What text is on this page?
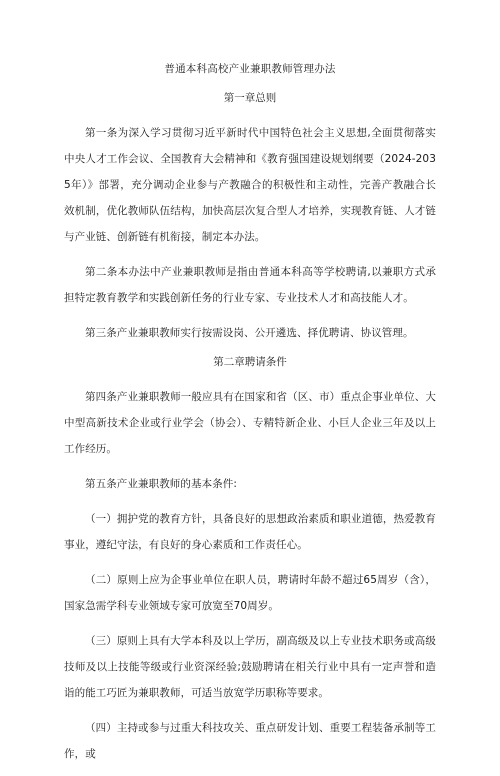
普通本科高校产业兼职教师管理办法
第一章总则

第一条为深入学习贯彻习近平新时代中国特色社会主义思想,全面贯彻落实中央人才工作会议、全国教育大会精神和《教育强国建设规划纲要（2024-2035年）》部署，充分调动企业参与产教融合的积极性和主动性，完善产教融合长效机制，优化教师队伍结构，加快高层次复合型人才培养，实现教育链、人才链与产业链、创新链有机衔接，制定本办法。

第二条本办法中产业兼职教师是指由普通本科高等学校聘请,以兼职方式承担特定教育教学和实践创新任务的行业专家、专业技术人才和高技能人才。

第三条产业兼职教师实行按需设岗、公开遴选、择优聘请、协议管理。

第二章聘请条件

第四条产业兼职教师一般应具有在国家和省（区、市）重点企事业单位、大中型高新技术企业或行业学会（协会）、专精特新企业、小巨人企业三年及以上工作经历。

第五条产业兼职教师的基本条件:

（一）拥护党的教育方针，具备良好的思想政治素质和职业道德，热爱教育事业，遵纪守法，有良好的身心素质和工作责任心。

（二）原则上应为企事业单位在职人员，聘请时年龄不超过65周岁（含），国家急需学科专业领域专家可放宽至70周岁。

（三）原则上具有大学本科及以上学历，副高级及以上专业技术职务或高级技师及以上技能等级或行业资深经验;鼓励聘请在相关行业中具有一定声誉和造诣的能工巧匠为兼职教师，可适当放宽学历职称等要求。

（四）主持或参与过重大科技攻关、重点研发计划、重要工程装备承制等工作，或
